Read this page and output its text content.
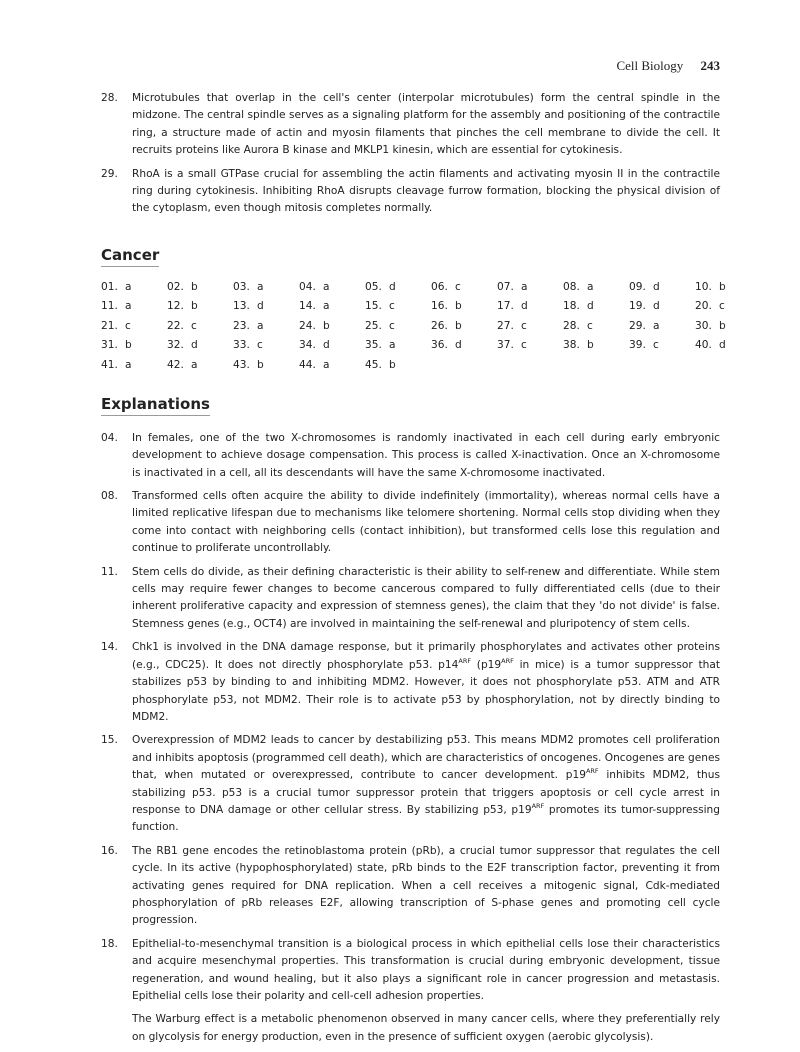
Cell Biology 243
28.	Microtubules that overlap in the cell's center (interpolar microtubules) form the central spindle in the midzone. The central spindle serves as a signaling platform for the assembly and positioning of the contractile ring, a structure made of actin and myosin filaments that pinches the cell membrane to divide the cell. It recruits proteins like Aurora B kinase and MKLP1 kinesin, which are essential for cytokinesis.

29.	RhoA is a small GTPase crucial for assembling the actin filaments and activating myosin II in the contractile ring during cytokinesis. Inhibiting RhoA disrupts cleavage furrow formation, blocking the physical division of the cytoplasm, even though mitosis completes normally.

Cancer
01. a	02. b	03. a	04. a	05. d	06. c	07. a	08. a	09. d	10. b
11. a	12. b	13. d	14. a	15. c	16. b	17. d	18. d	19. d	20. c
21. c	22. c	23. a	24. b	25. c	26. b	27. c	28. c	29. a	30. b
31. b	32. d	33. c	34. d	35. a	36. d	37. c	38. b	39. c	40. d
41. a	42. a	43. b	44. a	45. b
Explanations
04.	In females, one of the two X-chromosomes is randomly inactivated in each cell during early embryonic development to achieve dosage compensation. This process is called X-inactivation. Once an X-chromosome is inactivated in a cell, all its descendants will have the same X-chromosome inactivated.

08.	Transformed cells often acquire the ability to divide indefinitely (immortality), whereas normal cells have a limited replicative lifespan due to mechanisms like telomere shortening. Normal cells stop dividing when they come into contact with neighboring cells (contact inhibition), but transformed cells lose this regulation and continue to proliferate uncontrollably.

11.	Stem cells do divide, as their defining characteristic is their ability to self-renew and differentiate. While stem cells may require fewer changes to become cancerous compared to fully differentiated cells (due to their inherent proliferative capacity and expression of stemness genes), the claim that they 'do not divide' is false. Stemness genes (e.g., OCT4) are involved in maintaining the self-renewal and pluripotency of stem cells.

14.	Chk1 is involved in the DNA damage response, but it primarily phosphorylates and activates other proteins (e.g., CDC25). It does not directly phosphorylate p53. $p14^{ARF}$ ($p19^{ARF}$ in mice) is a tumor suppressor that stabilizes p53 by binding to and inhibiting MDM2. However, it does not phosphorylate p53. ATM and ATR phosphorylate p53, not MDM2. Their role is to activate p53 by phosphorylation, not by directly binding to MDM2.

15.	Overexpression of MDM2 leads to cancer by destabilizing p53. This means MDM2 promotes cell proliferation and inhibits apoptosis (programmed cell death), which are characteristics of oncogenes. Oncogenes are genes that, when mutated or overexpressed, contribute to cancer development. $p19^{ARF}$ inhibits MDM2, thus stabilizing p53. p53 is a crucial tumor suppressor protein that triggers apoptosis or cell cycle arrest in response to DNA damage or other cellular stress. By stabilizing p53, $p19^{ARF}$ promotes its tumor-suppressing function.

16.	The RB1 gene encodes the retinoblastoma protein (pRb), a crucial tumor suppressor that regulates the cell cycle. In its active (hypophosphorylated) state, pRb binds to the E2F transcription factor, preventing it from activating genes required for DNA replication. When a cell receives a mitogenic signal, Cdk-mediated phosphorylation of pRb releases E2F, allowing transcription of S-phase genes and promoting cell cycle progression.

18.	Epithelial-to-mesenchymal transition is a biological process in which epithelial cells lose their characteristics and acquire mesenchymal properties. This transformation is crucial during embryonic development, tissue regeneration, and wound healing, but it also plays a significant role in cancer progression and metastasis. Epithelial cells lose their polarity and cell-cell adhesion properties.

The Warburg effect is a metabolic phenomenon observed in many cancer cells, where they preferentially rely on glycolysis for energy production, even in the presence of sufficient oxygen (aerobic glycolysis).
